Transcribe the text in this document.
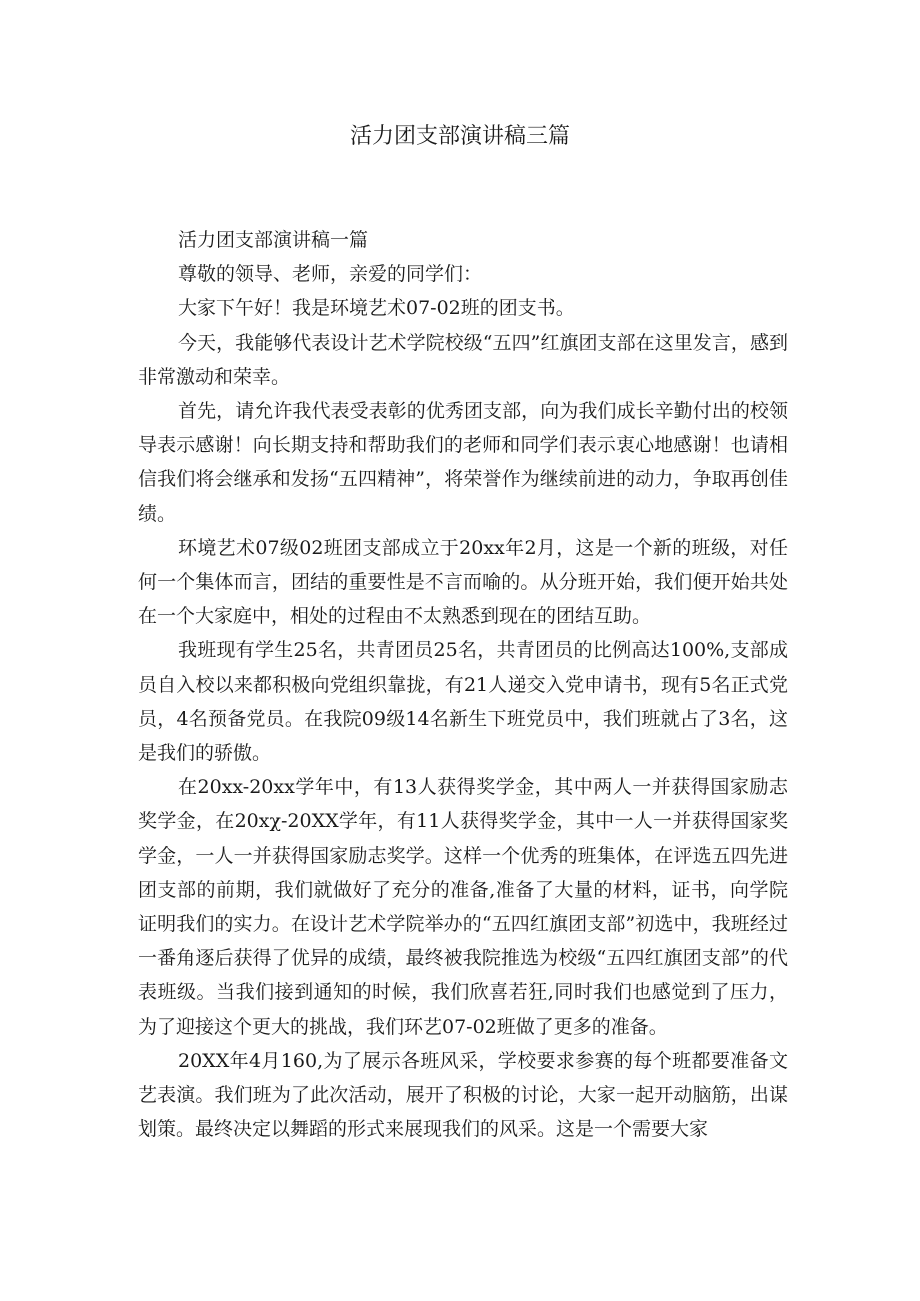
活力团支部演讲稿三篇

活力团支部演讲稿一篇

尊敬的领导、老师，亲爱的同学们：

大家下午好！我是环境艺术07-02班的团支书。

今天，我能够代表设计艺术学院校级“五四”红旗团支部在这里发言，感到非常激动和荣幸。

首先，请允许我代表受表彰的优秀团支部，向为我们成长辛勤付出的校领导表示感谢！向长期支持和帮助我们的老师和同学们表示衷心地感谢！也请相信我们将会继承和发扬“五四精神”，将荣誉作为继续前进的动力，争取再创佳绩。

环境艺术07级02班团支部成立于20xx年2月，这是一个新的班级，对任何一个集体而言，团结的重要性是不言而喻的。从分班开始，我们便开始共处在一个大家庭中，相处的过程由不太熟悉到现在的团结互助。

我班现有学生25名，共青团员25名，共青团员的比例高达100%,支部成员自入校以来都积极向党组织靠拢，有21人递交入党申请书，现有5名正式党员，4名预备党员。在我院09级14名新生下班党员中，我们班就占了3名，这是我们的骄傲。

在20xx-20xx学年中，有13人获得奖学金，其中两人一并获得国家励志奖学金，在20xχ-20XX学年，有11人获得奖学金，其中一人一并获得国家奖学金，一人一并获得国家励志奖学。这样一个优秀的班集体，在评选五四先进团支部的前期，我们就做好了充分的准备,准备了大量的材料，证书，向学院证明我们的实力。在设计艺术学院举办的“五四红旗团支部”初选中，我班经过一番角逐后获得了优异的成绩，最终被我院推选为校级“五四红旗团支部”的代表班级。当我们接到通知的时候，我们欣喜若狂,同时我们也感觉到了压力，为了迎接这个更大的挑战，我们环艺07-02班做了更多的准备。

20XX年4月160,为了展示各班风采，学校要求参赛的每个班都要准备文艺表演。我们班为了此次活动，展开了积极的讨论，大家一起开动脑筋，出谋划策。最终决定以舞蹈的形式来展现我们的风采。这是一个需要大家
